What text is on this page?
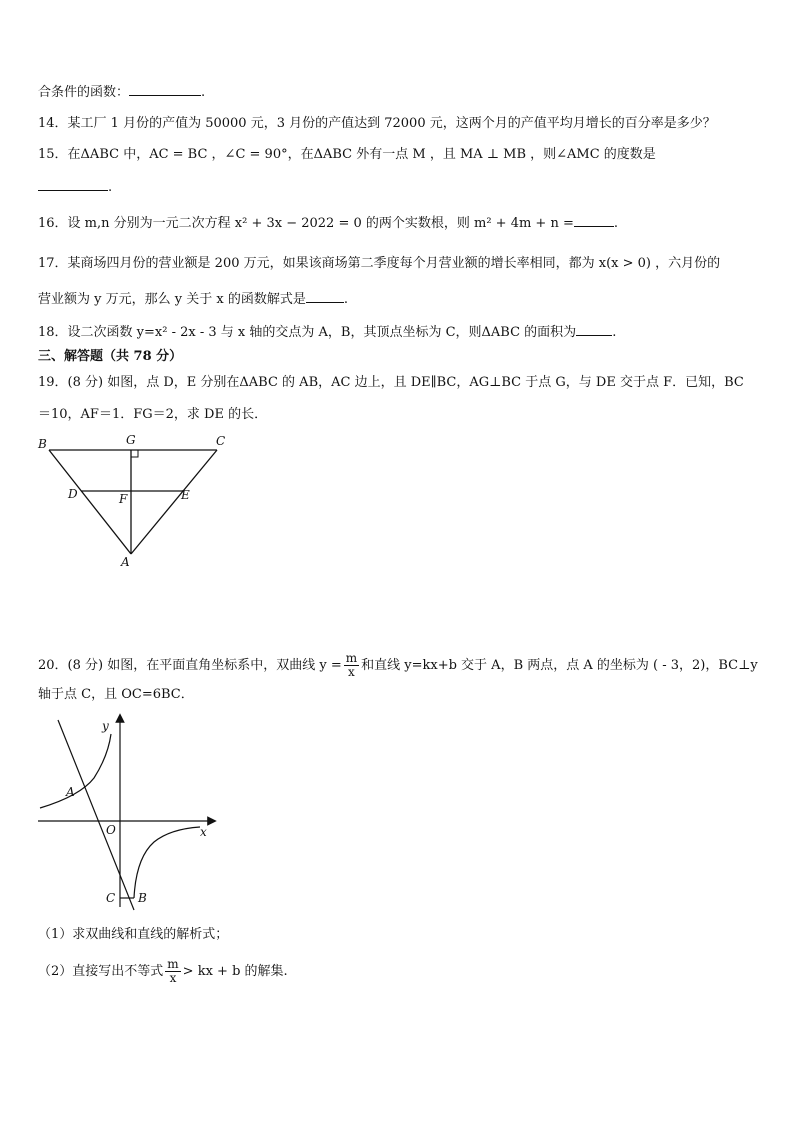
合条件的函数：	.
14．某工厂 1 月份的产值为 50000 元，3 月份的产值达到 72000 元，这两个月的产值平均月增长的百分率是多少？
15．在ΔABC 中，AC = BC ，∠C = 90°，在ΔABC 外有一点 M ，且 MA ⊥ MB ，则∠AMC 的度数是
.
16．设 m,n 分别为一元二次方程 x² + 3x − 2022 = 0 的两个实数根，则 m² + 4m + n =	.
17．某商场四月份的营业额是 200 万元，如果该商场第二季度每个月营业额的增长率相同，都为 x(x > 0) ，六月份的
营业额为 y 万元，那么 y 关于 x 的函数解式是	.
18．设二次函数 y=x² - 2x - 3 与 x 轴的交点为 A，B，其顶点坐标为 C，则ΔABC 的面积为	.
三、解答题（共 78 分）
19．(8 分) 如图，点 D，E 分别在ΔABC 的 AB，AC 边上，且 DE∥BC，AG⊥BC 于点 G，与 DE 交于点 F．已知，BC
＝10，AF＝1．FG＝2，求 DE 的长．
B	G	C
D	F	E
A
20．(8 分) 如图，在平面直角坐标系中，双曲线 $y = \frac{m}{x}$ 和直线 y=kx+b 交于 A，B 两点，点 A 的坐标为 ( - 3，2)，BC⊥y
轴于点 C，且 OC=6BC．
y
x
A
O
C B
（1）求双曲线和直线的解析式；
（2）直接写出不等式 $\frac{m}{x}$ > kx + b 的解集.
